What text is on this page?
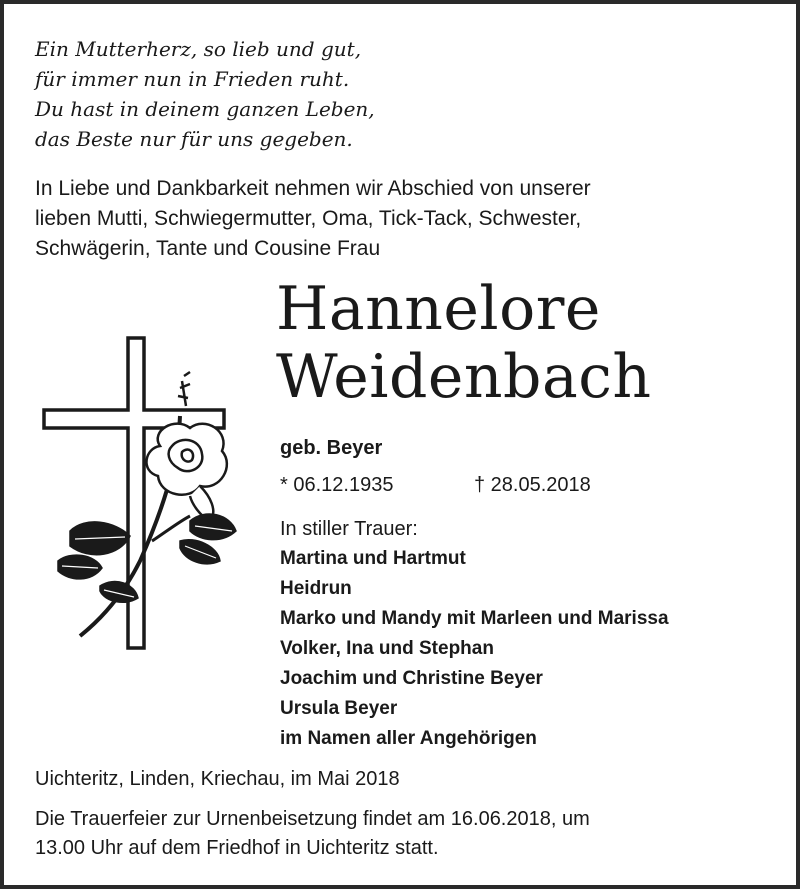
Ein Mutterherz, so lieb und gut,
für immer nun in Frieden ruht.
Du hast in deinem ganzen Leben,
das Beste nur für uns gegeben.
In Liebe und Dankbarkeit nehmen wir Abschied von unserer
lieben Mutti, Schwiegermutter, Oma, Tick-Tack, Schwester,
Schwägerin, Tante und Cousine Frau
Hannelore
Weidenbach
geb. Beyer
* 06.12.1935	† 28.05.2018
In stiller Trauer:
Martina und Hartmut
Heidrun
Marko und Mandy mit Marleen und Marissa
Volker, Ina und Stephan
Joachim und Christine Beyer
Ursula Beyer
im Namen aller Angehörigen
Uichteritz, Linden, Kriechau, im Mai 2018
Die Trauerfeier zur Urnenbeisetzung findet am 16.06.2018, um
13.00 Uhr auf dem Friedhof in Uichteritz statt.
